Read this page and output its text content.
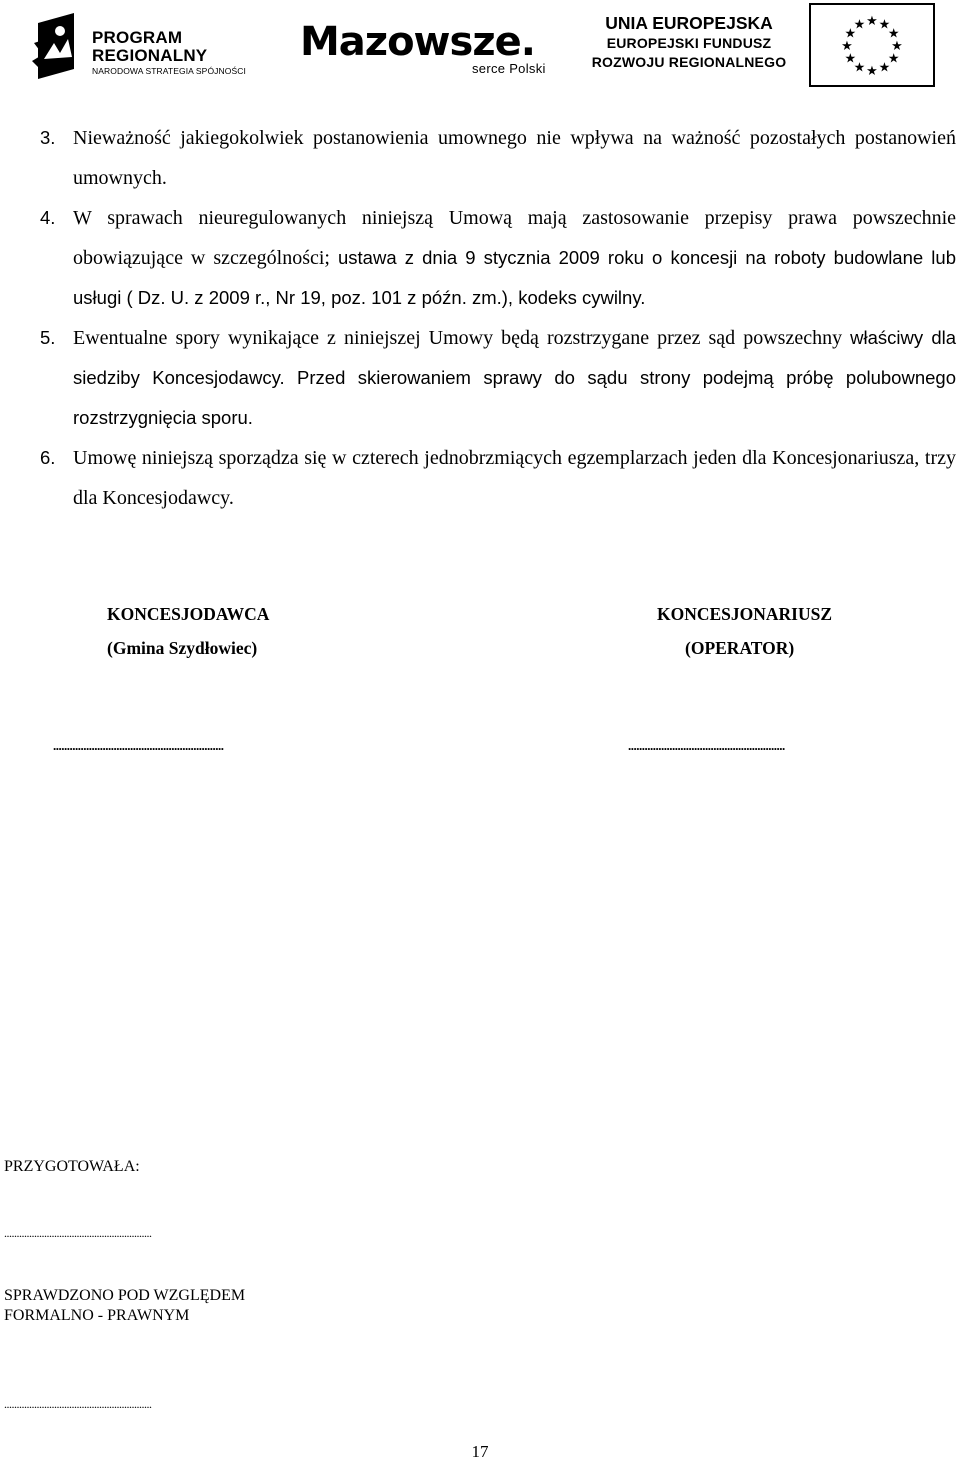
PROGRAM
REGIONALNY
NARODOWA STRATEGIA SPÓJNOŚCI
Mazowsze.
serce Polski
UNIA EUROPEJSKA
EUROPEJSKI FUNDUSZ
ROZWOJU REGIONALNEGO
★ ★
★
★
★
★
★
★
★
★
★
★
3. Nieważność jakiegokolwiek postanowienia umownego nie wpływa na ważność pozostałych postanowień umownych.
4. W sprawach nieuregulowanych niniejszą Umową mają zastosowanie przepisy prawa powszechnie obowiązujące w szczególności; ustawa z dnia 9 stycznia 2009 roku o koncesji na roboty budowlane lub usługi ( Dz. U. z 2009 r., Nr 19, poz. 101 z późn. zm.), kodeks cywilny.
5. Ewentualne spory wynikające z niniejszej Umowy będą rozstrzygane przez sąd powszechny właściwy dla siedziby Koncesjodawcy. Przed skierowaniem sprawy do sądu strony podejmą próbę polubownego rozstrzygnięcia sporu.
6. Umowę niniejszą sporządza się w czterech jednobrzmiących egzemplarzach jeden dla Koncesjonariusza, trzy dla Koncesjodawcy.
KONCESJODAWCA
(Gmina Szydłowiec)
..............................................................
KONCESJONARIUSZ
(OPERATOR)
.........................................................
PRZYGOTOWAŁA:
...........................................................
SPRAWDZONO POD WZGLĘDEM
FORMALNO - PRAWNYM
...........................................................
17
